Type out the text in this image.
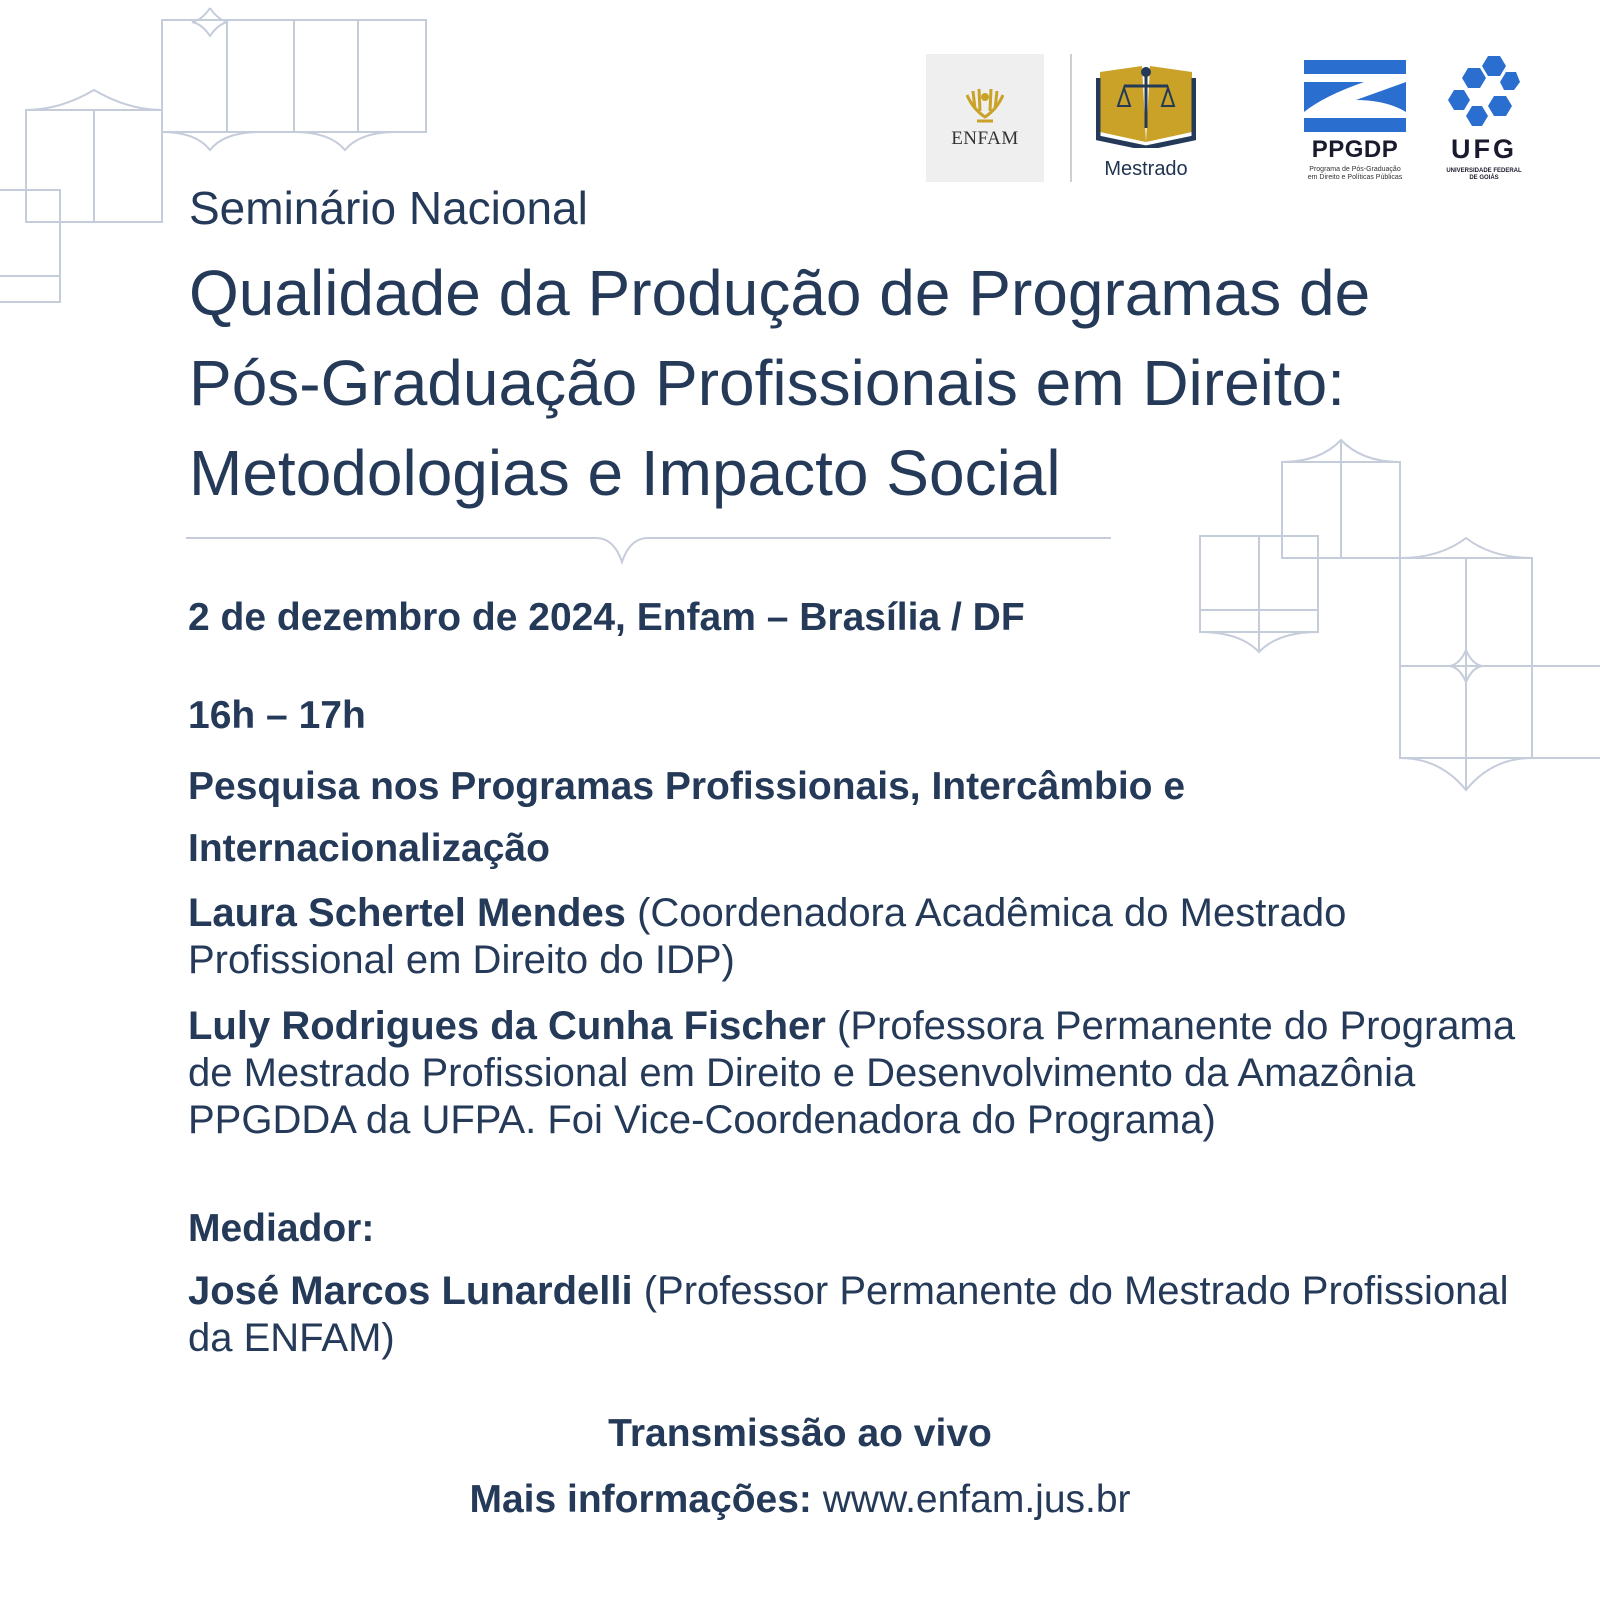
ENFAM
Mestrado
PPGDP
Programa de Pós-Graduação em Direito e Políticas Públicas
UFG
UNIVERSIDADE FEDERAL DE GOIÁS
Seminário Nacional
Qualidade da Produção de Programas de
Pós-Graduação Profissionais em Direito:
Metodologias e Impacto Social
2 de dezembro de 2024, Enfam – Brasília / DF
16h – 17h
Pesquisa nos Programas Profissionais, Intercâmbio e Internacionalização
Laura Schertel Mendes (Coordenadora Acadêmica do Mestrado Profissional em Direito do IDP)
Luly Rodrigues da Cunha Fischer (Professora Permanente do Programa de Mestrado Profissional em Direito e Desenvolvimento da Amazônia PPGDDA da UFPA. Foi Vice-Coordenadora do Programa)
Mediador:
José Marcos Lunardelli (Professor Permanente do Mestrado Profissional da ENFAM)
Transmissão ao vivo
Mais informações: www.enfam.jus.br
